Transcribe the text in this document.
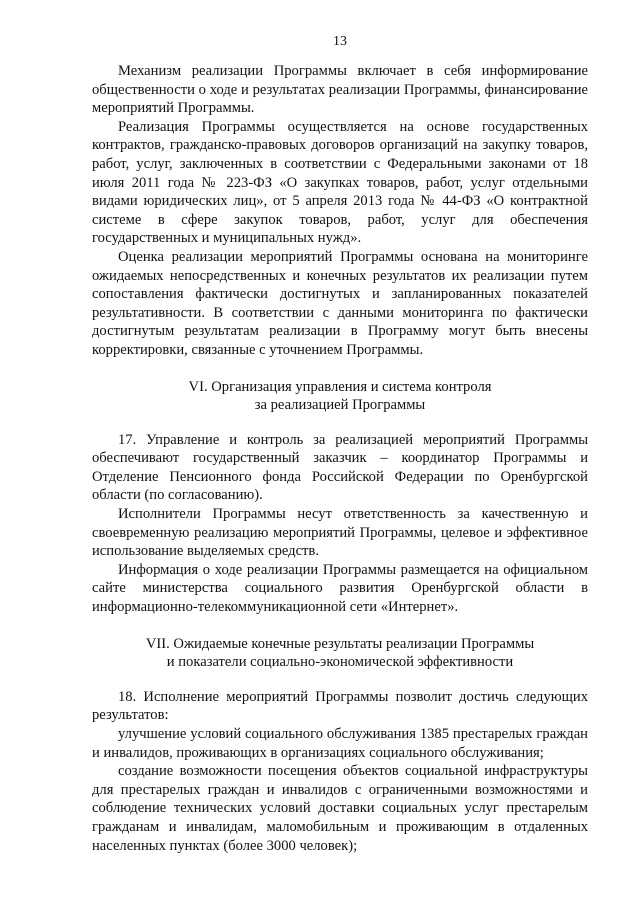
13

Механизм реализации Программы включает в себя информирование общественности о ходе и результатах реализации Программы, финансирование мероприятий Программы.

Реализация Программы осуществляется на основе государственных контрактов, гражданско-правовых договоров организаций на закупку товаров, работ, услуг, заключенных в соответствии с Федеральными законами от 18 июля 2011 года № 223-ФЗ «О закупках товаров, работ, услуг отдельными видами юридических лиц», от 5 апреля 2013 года № 44-ФЗ «О контрактной системе в сфере закупок товаров, работ, услуг для обеспечения государственных и муниципальных нужд».

Оценка реализации мероприятий Программы основана на мониторинге ожидаемых непосредственных и конечных результатов их реализации путем сопоставления фактически достигнутых и запланированных показателей результативности. В соответствии с данными мониторинга по фактически достигнутым результатам реализации в Программу могут быть внесены корректировки, связанные с уточнением Программы.

VI. Организация управления и система контроля
за реализацией Программы

17. Управление и контроль за реализацией мероприятий Программы обеспечивают государственный заказчик – координатор Программы и Отделение Пенсионного фонда Российской Федерации по Оренбургской области (по согласованию).

Исполнители Программы несут ответственность за качественную и своевременную реализацию мероприятий Программы, целевое и эффективное использование выделяемых средств.

Информация о ходе реализации Программы размещается на официальном сайте министерства социального развития Оренбургской области в информационно-телекоммуникационной сети «Интернет».

VII. Ожидаемые конечные результаты реализации Программы
и показатели социально-экономической эффективности

18. Исполнение мероприятий Программы позволит достичь следующих результатов:

улучшение условий социального обслуживания 1385 престарелых граждан и инвалидов, проживающих в организациях социального обслуживания;

создание возможности посещения объектов социальной инфраструктуры для престарелых граждан и инвалидов с ограниченными возможностями и соблюдение технических условий доставки социальных услуг престарелым гражданам и инвалидам, маломобильным и проживающим в отдаленных населенных пунктах (более 3000 человек);
